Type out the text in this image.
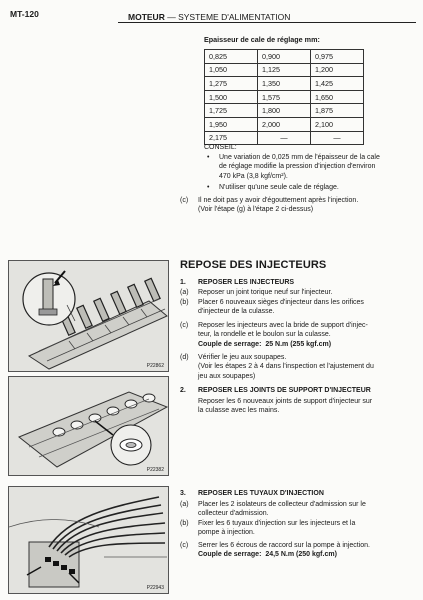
MT-120	MOTEUR — SYSTEME D'ALIMENTATION
Epaisseur de cale de réglage mm:
0,825	0,900	0,975
1,050	1,125	1,200
1,275	1,350	1,425
1,500	1,575	1,650
1,725	1,800	1,875
1,950	2,000	2,100
2,175	—	—
CONSEIL:
• Une variation de 0,025 mm de l'épaisseur de la cale
de réglage modifie la pression d'injection d'environ
470 kPa (3,8 kgf/cm²).
• N'utiliser qu'une seule cale de réglage.
(c) Il ne doit pas y avoir d'égouttement après l'injection.
(Voir l'étape (g) à l'étape 2 ci-dessus)
REPOSE DES INJECTEURS
1. REPOSER LES INJECTEURS
(a) Reposer un joint torique neuf sur l'injecteur.
(b) Placer 6 nouveaux sièges d'injecteur dans les orifices
d'injecteur de la culasse.
(c) Reposer les injecteurs avec la bride de support d'injec-
teur, la rondelle et le boulon sur la culasse.
Couple de serrage: 25 N.m (255 kgf.cm)
(d) Vérifier le jeu aux soupapes.
(Voir les étapes 2 à 4 dans l'inspection et l'ajustement du
jeu aux soupapes)
2. REPOSER LES JOINTS DE SUPPORT D'INJECTEUR
Reposer les 6 nouveaux joints de support d'injecteur sur
la culasse avec les mains.
3. REPOSER LES TUYAUX D'INJECTION
(a) Placer les 2 isolateurs de collecteur d'admission sur le
collecteur d'admission.
(b) Fixer les 6 tuyaux d'injection sur les injecteurs et la
pompe à injection.
(c) Serrer les 6 écrous de raccord sur la pompe à injection.
Couple de serrage: 24,5 N.m (250 kgf.cm)
P22862
P22382
P22943
